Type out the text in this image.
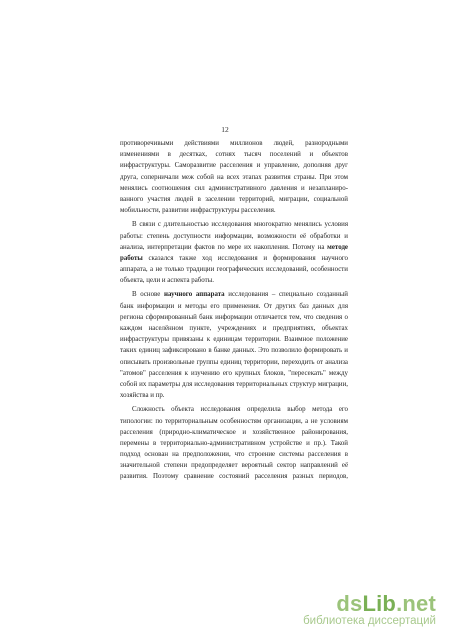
12
противоречивыми действиями миллионов людей, разнородными
изменениями в десятках, сотнях тысяч поселений и объектов
инфраструктуры. Саморазвитие расселения и управление, дополняя друг
друга, соперничали меж собой на всех этапах развития страны. При этом
менялись соотношения сил административного давления и незапланиро-
ванного участия людей в заселении территорий, миграции, социальной
мобильности, развитии инфраструктуры расселения.
В связи с длительностью исследования многократно менялись условия
работы: степень доступности информации, возможности её обработки и
анализа, интерпретации фактов по мере их накопления. Потому на методе
работы сказался также ход исследования и формирования научного
аппарата, а не только традиции географических исследований, особенности
объекта, цели и аспекта работы.
В основе научного аппарата исследования – специально созданный
банк информации и методы его применения. От других баз данных для
региона сформированный банк информации отличается тем, что сведения о
каждом населённом пункте, учреждениях и предприятиях, объектах
инфраструктуры привязаны к единицам территории. Взаимное положение
таких единиц зафиксировано в банке данных. Это позволило формировать и
описывать произвольные группы единиц территории, переходить от анализа
"атомов" расселения к изучению его крупных блоков, "пересекать" между
собой их параметры для исследования территориальных структур миграции,
хозяйства и пр.
Сложность объекта исследования определила выбор метода его
типологии: по территориальным особенностям организации, а не условиям
расселения (природно-климатическое и хозяйственное районирования,
перемены в территориально-административном устройстве и пр.). Такой
подход основан на предположении, что строение системы расселения в
значительной степени предопределяет вероятный сектор направлений её
развития. Поэтому сравнение состояний расселения разных периодов,
dsLib.net
библиотека диссертаций
